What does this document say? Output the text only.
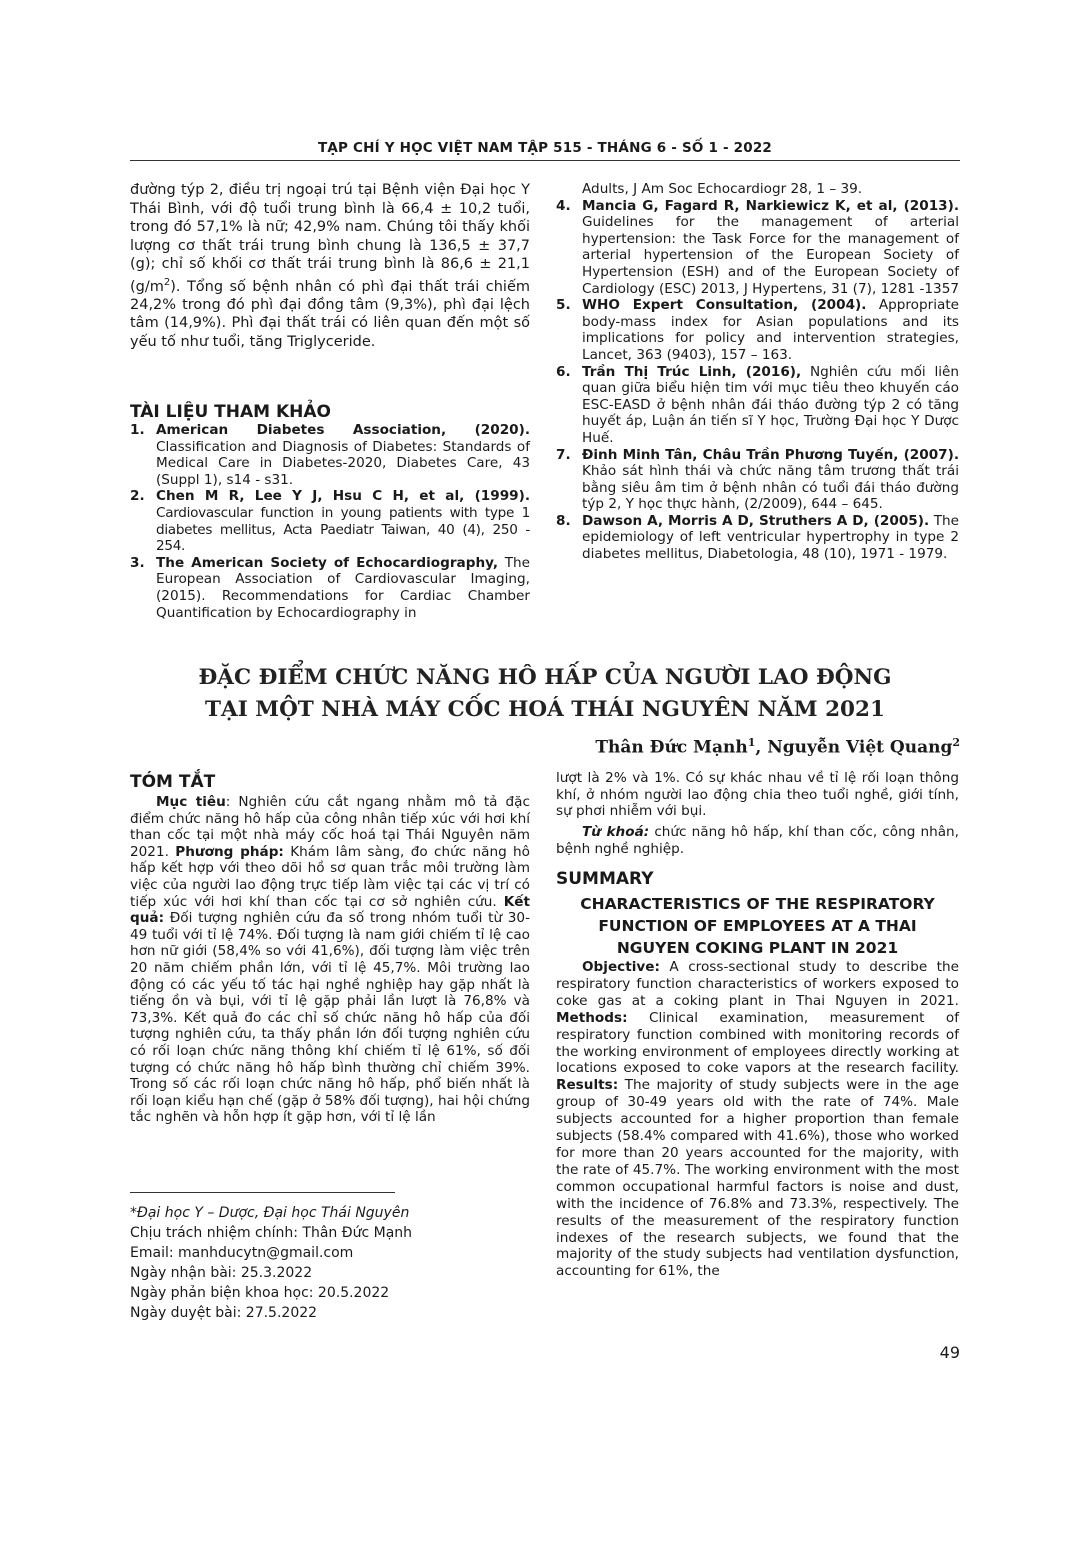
TẠP CHÍ Y HỌC VIỆT NAM TẬP 515 - THÁNG 6 - SỐ 1 - 2022
đường týp 2, điều trị ngoại trú tại Bệnh viện Đại học Y Thái Bình, với độ tuổi trung bình là 66,4 ± 10,2 tuổi, trong đó 57,1% là nữ; 42,9% nam. Chúng tôi thấy khối lượng cơ thất trái trung bình chung là 136,5 ± 37,7 (g); chỉ số khối cơ thất trái trung bình là 86,6 ± 21,1 $(g/m^2)$. Tổng số bệnh nhân có phì đại thất trái chiếm 24,2% trong đó phì đại đồng tâm (9,3%), phì đại lệch tâm (14,9%). Phì đại thất trái có liên quan đến một số yếu tố như tuổi, tăng Triglyceride.
TÀI LIỆU THAM KHẢO
1. American Diabetes Association, (2020). Classification and Diagnosis of Diabetes: Standards of Medical Care in Diabetes-2020, Diabetes Care, 43 (Suppl 1), s14 - s31.
2. Chen M R, Lee Y J, Hsu C H, et al, (1999). Cardiovascular function in young patients with type 1 diabetes mellitus, Acta Paediatr Taiwan, 40 (4), 250 - 254.
3. The American Society of Echocardiography, The European Association of Cardiovascular Imaging, (2015). Recommendations for Cardiac Chamber Quantification by Echocardiography in
Adults, J Am Soc Echocardiogr 28, 1 – 39.
4. Mancia G, Fagard R, Narkiewicz K, et al, (2013). Guidelines for the management of arterial hypertension: the Task Force for the management of arterial hypertension of the European Society of Hypertension (ESH) and of the European Society of Cardiology (ESC) 2013, J Hypertens, 31 (7), 1281 -1357
5. WHO Expert Consultation, (2004). Appropriate body-mass index for Asian populations and its implications for policy and intervention strategies, Lancet, 363 (9403), 157 – 163.
6. Trần Thị Trúc Linh, (2016), Nghiên cứu mối liên quan giữa biểu hiện tim với mục tiêu theo khuyến cáo ESC-EASD ở bệnh nhân đái tháo đường týp 2 có tăng huyết áp, Luận án tiến sĩ Y học, Trường Đại học Y Dược Huế.
7. Đinh Minh Tân, Châu Trần Phương Tuyến, (2007). Khảo sát hình thái và chức năng tâm trương thất trái bằng siêu âm tim ở bệnh nhân có tuổi đái tháo đường týp 2, Y học thực hành, (2/2009), 644 – 645.
8. Dawson A, Morris A D, Struthers A D, (2005). The epidemiology of left ventricular hypertrophy in type 2 diabetes mellitus, Diabetologia, 48 (10), 1971 - 1979.
ĐẶC ĐIỂM CHỨC NĂNG HÔ HẤP CỦA NGƯỜI LAO ĐỘNG
TẠI MỘT NHÀ MÁY CỐC HOÁ THÁI NGUYÊN NĂM 2021
Thân Đức Mạnh$^1$, Nguyễn Việt Quang$^2$
TÓM TẮT
Mục tiêu: Nghiên cứu cắt ngang nhằm mô tả đặc điểm chức năng hô hấp của công nhân tiếp xúc với hơi khí than cốc tại một nhà máy cốc hoá tại Thái Nguyên năm 2021. Phương pháp: Khám lâm sàng, đo chức năng hô hấp kết hợp với theo dõi hồ sơ quan trắc môi trường làm việc của người lao động trực tiếp làm việc tại các vị trí có tiếp xúc với hơi khí than cốc tại cơ sở nghiên cứu. Kết quả: Đối tượng nghiên cứu đa số trong nhóm tuổi từ 30-49 tuổi với tỉ lệ 74%. Đối tượng là nam giới chiếm tỉ lệ cao hơn nữ giới (58,4% so với 41,6%), đối tượng làm việc trên 20 năm chiếm phần lớn, với tỉ lệ 45,7%. Môi trường lao động có các yếu tố tác hại nghề nghiệp hay gặp nhất là tiếng ồn và bụi, với tỉ lệ gặp phải lần lượt là 76,8% và 73,3%. Kết quả đo các chỉ số chức năng hô hấp của đối tượng nghiên cứu, ta thấy phần lớn đối tượng nghiên cứu có rối loạn chức năng thông khí chiếm tỉ lệ 61%, số đối tượng có chức năng hô hấp bình thường chỉ chiếm 39%. Trong số các rối loạn chức năng hô hấp, phổ biến nhất là rối loạn kiểu hạn chế (gặp ở 58% đối tượng), hai hội chứng tắc nghẽn và hỗn hợp ít gặp hơn, với tỉ lệ lần
*Đại học Y – Dược, Đại học Thái Nguyên
Chịu trách nhiệm chính: Thân Đức Mạnh
Email: manhducytn@gmail.com
Ngày nhận bài: 25.3.2022
Ngày phản biện khoa học: 20.5.2022
Ngày duyệt bài: 27.5.2022
lượt là 2% và 1%. Có sự khác nhau về tỉ lệ rối loạn thông khí, ở nhóm người lao động chia theo tuổi nghề, giới tính, sự phơi nhiễm với bụi.
Từ khoá: chức năng hô hấp, khí than cốc, công nhân, bệnh nghề nghiệp.
SUMMARY
CHARACTERISTICS OF THE RESPIRATORY
FUNCTION OF EMPLOYEES AT A THAI
NGUYEN COKING PLANT IN 2021
Objective: A cross-sectional study to describe the respiratory function characteristics of workers exposed to coke gas at a coking plant in Thai Nguyen in 2021. Methods: Clinical examination, measurement of respiratory function combined with monitoring records of the working environment of employees directly working at locations exposed to coke vapors at the research facility. Results: The majority of study subjects were in the age group of 30-49 years old with the rate of 74%. Male subjects accounted for a higher proportion than female subjects (58.4% compared with 41.6%), those who worked for more than 20 years accounted for the majority, with the rate of 45.7%. The working environment with the most common occupational harmful factors is noise and dust, with the incidence of 76.8% and 73.3%, respectively. The results of the measurement of the respiratory function indexes of the research subjects, we found that the majority of the study subjects had ventilation dysfunction, accounting for 61%, the
49
